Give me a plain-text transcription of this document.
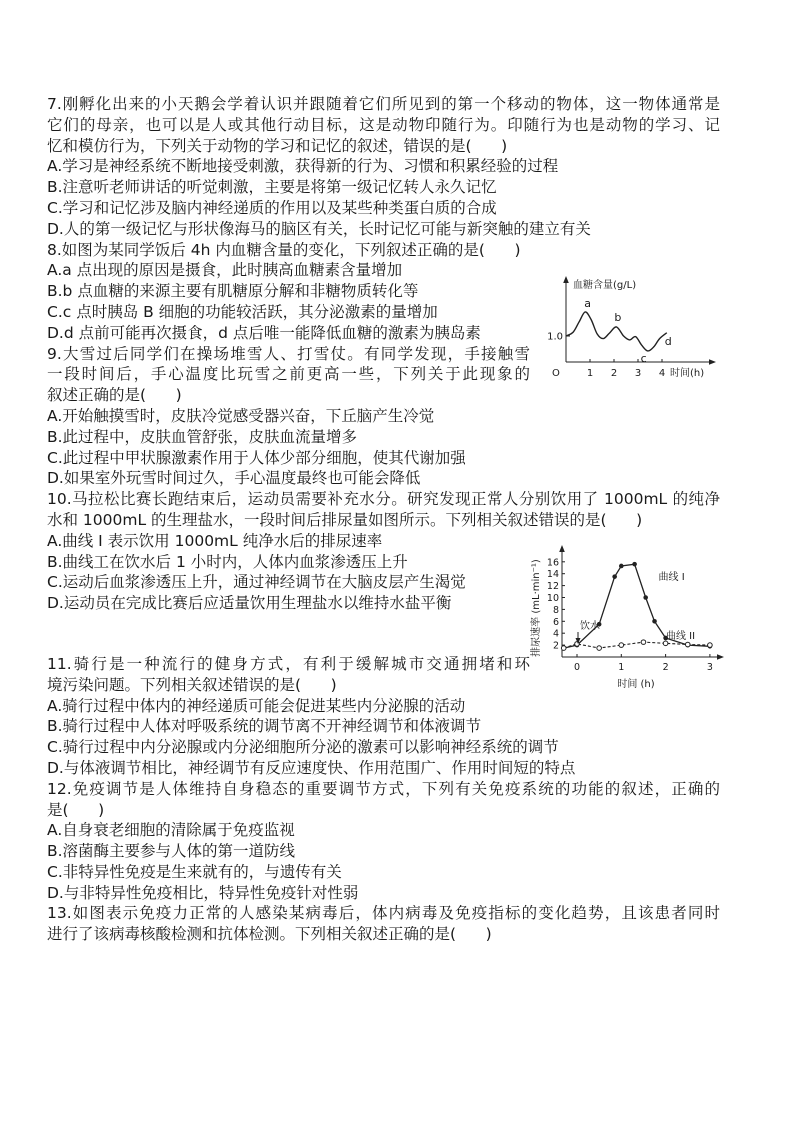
7.刚孵化出来的小天鹅会学着认识并跟随着它们所见到的第一个移动的物体，这一物体通常是
它们的母亲，也可以是人或其他行动目标，这是动物印随行为。印随行为也是动物的学习、记
忆和模仿行为，下列关于动物的学习和记忆的叙述，错误的是(      )
A.学习是神经系统不断地接受刺激，获得新的行为、习惯和积累经验的过程
B.注意听老师讲话的听觉刺激，主要是将第一级记忆转人永久记忆
C.学习和记忆涉及脑内神经递质的作用以及某些种类蛋白质的合成
D.人的第一级记忆与形状像海马的脑区有关，长时记忆可能与新突触的建立有关
8.如图为某同学饭后 4h 内血糖含量的变化，下列叙述正确的是(      )
A.a 点出现的原因是摄食，此时胰高血糖素含量增加
B.b 点血糖的来源主要有肌糖原分解和非糖物质转化等
C.c 点时胰岛 B 细胞的功能较活跃，其分泌激素的量增加
D.d 点前可能再次摄食，d 点后唯一能降低血糖的激素为胰岛素
9.大雪过后同学们在操场堆雪人、打雪仗。有同学发现，手接触雪
一段时间后，手心温度比玩雪之前更高一些，下列关于此现象的
叙述正确的是(      )
A.开始触摸雪时，皮肤冷觉感受器兴奋，下丘脑产生冷觉
B.此过程中，皮肤血管舒张，皮肤血流量增多
C.此过程中甲状腺激素作用于人体少部分细胞，使其代谢加强
D.如果室外玩雪时间过久，手心温度最终也可能会降低
10.马拉松比赛长跑结束后，运动员需要补充水分。研究发现正常人分别饮用了 1000mL 的纯净
水和 1000mL 的生理盐水，一段时间后排尿量如图所示。下列相关叙述错误的是(      )
A.曲线 I 表示饮用 1000mL 纯净水后的排尿速率
B.曲线工在饮水后 1 小时内，人体内血浆渗透压上升
C.运动后血浆渗透压上升，通过神经调节在大脑皮层产生渴觉
D.运动员在完成比赛后应适量饮用生理盐水以维持水盐平衡
11.骑行是一种流行的健身方式，有利于缓解城市交通拥堵和环
境污染问题。下列相关叙述错误的是(      )
A.骑行过程中体内的神经递质可能会促进某些内分泌腺的活动
B.骑行过程中人体对呼吸系统的调节离不开神经调节和体液调节
C.骑行过程中内分泌腺或内分泌细胞所分泌的激素可以影响神经系统的调节
D.与体液调节相比，神经调节有反应速度快、作用范围广、作用时间短的特点
12.免疫调节是人体维持自身稳态的重要调节方式，下列有关免疫系统的功能的叙述，正确的
是(      )
A.自身衰老细胞的清除属于免疫监视
B.溶菌酶主要参与人体的第一道防线
C.非特异性免疫是生来就有的，与遗传有关
D.与非特异性免疫相比，特异性免疫针对性弱
13.如图表示免疫力正常的人感染某病毒后，体内病毒及免疫指标的变化趋势，且该患者同时
进行了该病毒核酸检测和抗体检测。下列相关叙述正确的是(      )
血糖含量(g/L)
O
1.0
1 2 3 4 时间(h)
a
b
c
d
2
4
6
8
10
12
14
16
0	1	2	3
时间 (h)
排尿速率 (mL·min⁻¹)	曲线 I
曲线 II
饮水
